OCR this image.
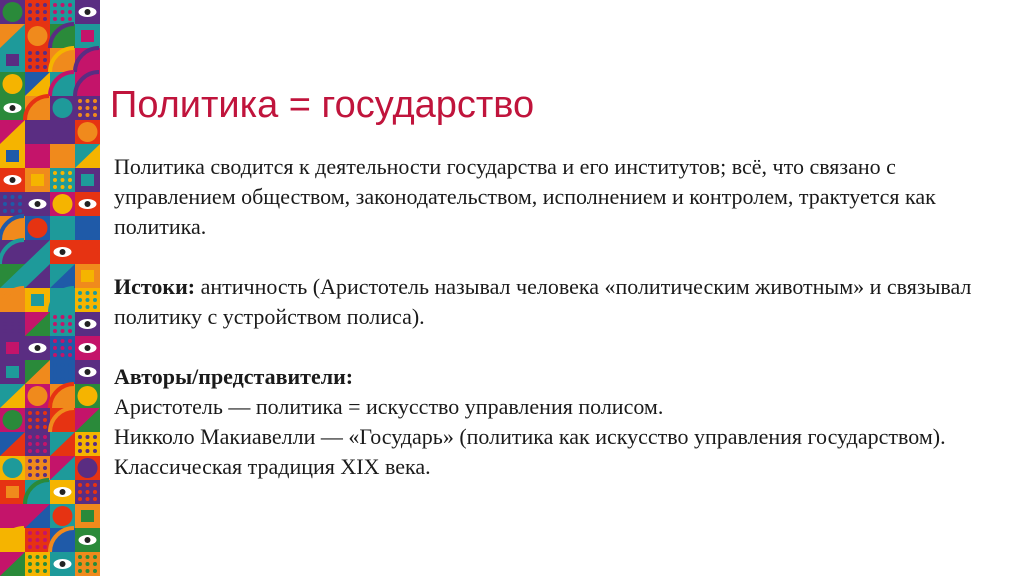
Политика = государство

Политика сводится к деятельности государства и его институтов; всё, что связано с управлением обществом, законодательством, исполнением и контролем, трактуется как политика.

Истоки: античность (Аристотель называл человека «политическим животным» и связывал политику с устройством полиса).

Авторы/представители:

Аристотель — политика = искусство управления полисом.

Никколо Макиавелли — «Государь» (политика как искусство управления государством).

Классическая традиция XIX века.
